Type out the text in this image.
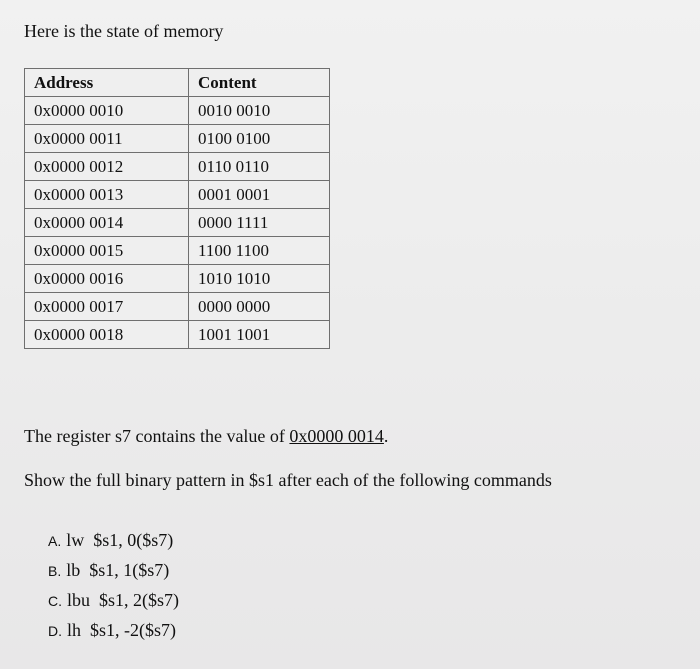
Here is the state of memory
Address	Content
0x0000 0010	0010 0010
0x0000 0011	0100 0100
0x0000 0012	0110 0110
0x0000 0013	0001 0001
0x0000 0014	0000 1111
0x0000 0015	1100 1100
0x0000 0016	1010 1010
0x0000 0017	0000 0000
0x0000 0018	1001 1001
The register s7 contains the value of 0x0000 0014.
Show the full binary pattern in $s1 after each of the following commands
A. lw  $s1, 0($s7)
B. lb  $s1, 1($s7)
C. lbu  $s1, 2($s7)
D. lh  $s1, -2($s7)
